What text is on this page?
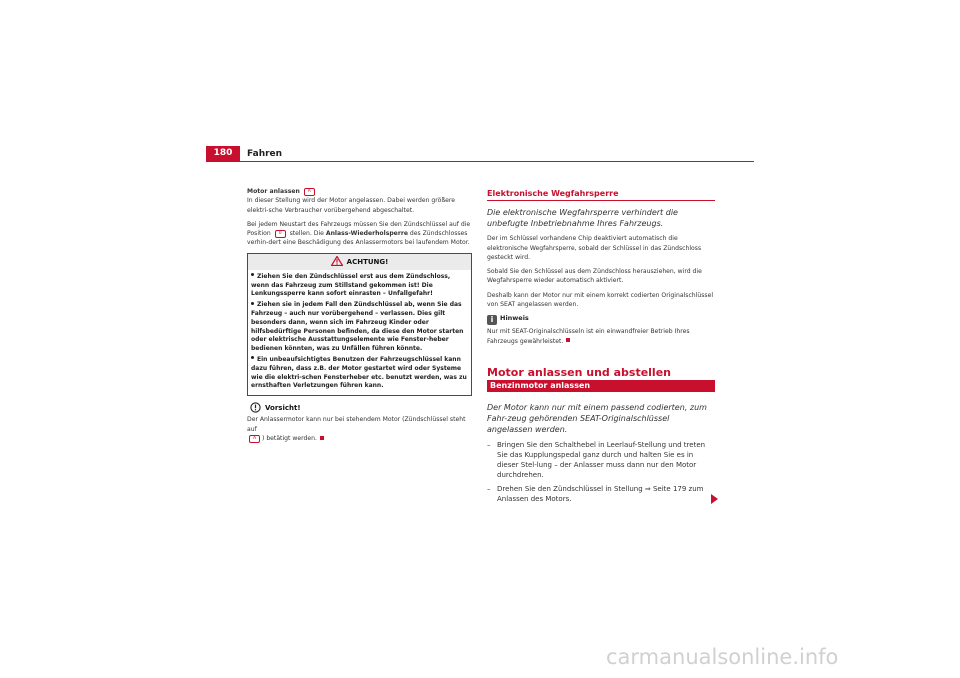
180	Fahren

Motor anlassen A
In dieser Stellung wird der Motor angelassen. Dabei werden größere elektri-sche Verbraucher vorübergehend abgeschaltet.

Bei jedem Neustart des Fahrzeugs müssen Sie den Zündschlüssel auf die Position 0 stellen. Die Anlass-Wiederholsperre des Zündschlosses verhin-dert eine Beschädigung des Anlassermotors bei laufendem Motor.

ACHTUNG!
Ziehen Sie den Zündschlüssel erst aus dem Zündschloss, wenn das Fahrzeug zum Stillstand gekommen ist! Die Lenkungssperre kann sofort einrasten – Unfallgefahr!
Ziehen sie in jedem Fall den Zündschlüssel ab, wenn Sie das Fahrzeug – auch nur vorübergehend – verlassen. Dies gilt besonders dann, wenn sich im Fahrzeug Kinder oder hilfsbedürftige Personen befinden, da diese den Motor starten oder elektrische Ausstattungselemente wie Fenster-heber bedienen könnten, was zu Unfällen führen könnte.
Ein unbeaufsichtigtes Benutzen der Fahrzeugschlüssel kann dazu führen, dass z.B. der Motor gestartet wird oder Systeme wie die elektri-schen Fensterheber etc. benutzt werden, was zu ernsthaften Verletzungen führen kann.
Vorsicht!

Der Anlassermotor kann nur bei stehendem Motor (Zündschlüssel steht auf
A ) betätigt werden.

Elektronische Wegfahrsperre
Die elektronische Wegfahrsperre verhindert die unbefugte Inbetriebnahme Ihres Fahrzeugs.

Der im Schlüssel vorhandene Chip deaktiviert automatisch die elektronische Wegfahrsperre, sobald der Schlüssel in das Zündschloss gesteckt wird.

Sobald Sie den Schlüssel aus dem Zündschloss herausziehen, wird die Wegfahrsperre wieder automatisch aktiviert.

Deshalb kann der Motor nur mit einem korrekt codierten Originalschlüssel von SEAT angelassen werden.

i Hinweis

Nur mit SEAT-Originalschlüsseln ist ein einwandfreier Betrieb Ihres Fahrzeugs gewährleistet.

Motor anlassen und abstellen
Benzinmotor anlassen
Der Motor kann nur mit einem passend codierten, zum Fahr-zeug gehörenden SEAT-Originalschlüssel angelassen werden.
– Bringen Sie den Schalthebel in Leerlauf-Stellung und treten Sie das Kupplungspedal ganz durch und halten Sie es in dieser Stel-lung – der Anlasser muss dann nur den Motor durchdrehen.
– Drehen Sie den Zündschlüssel in Stellung ⇒ Seite 179 zum Anlassen des Motors.
carmanualsonline.info
